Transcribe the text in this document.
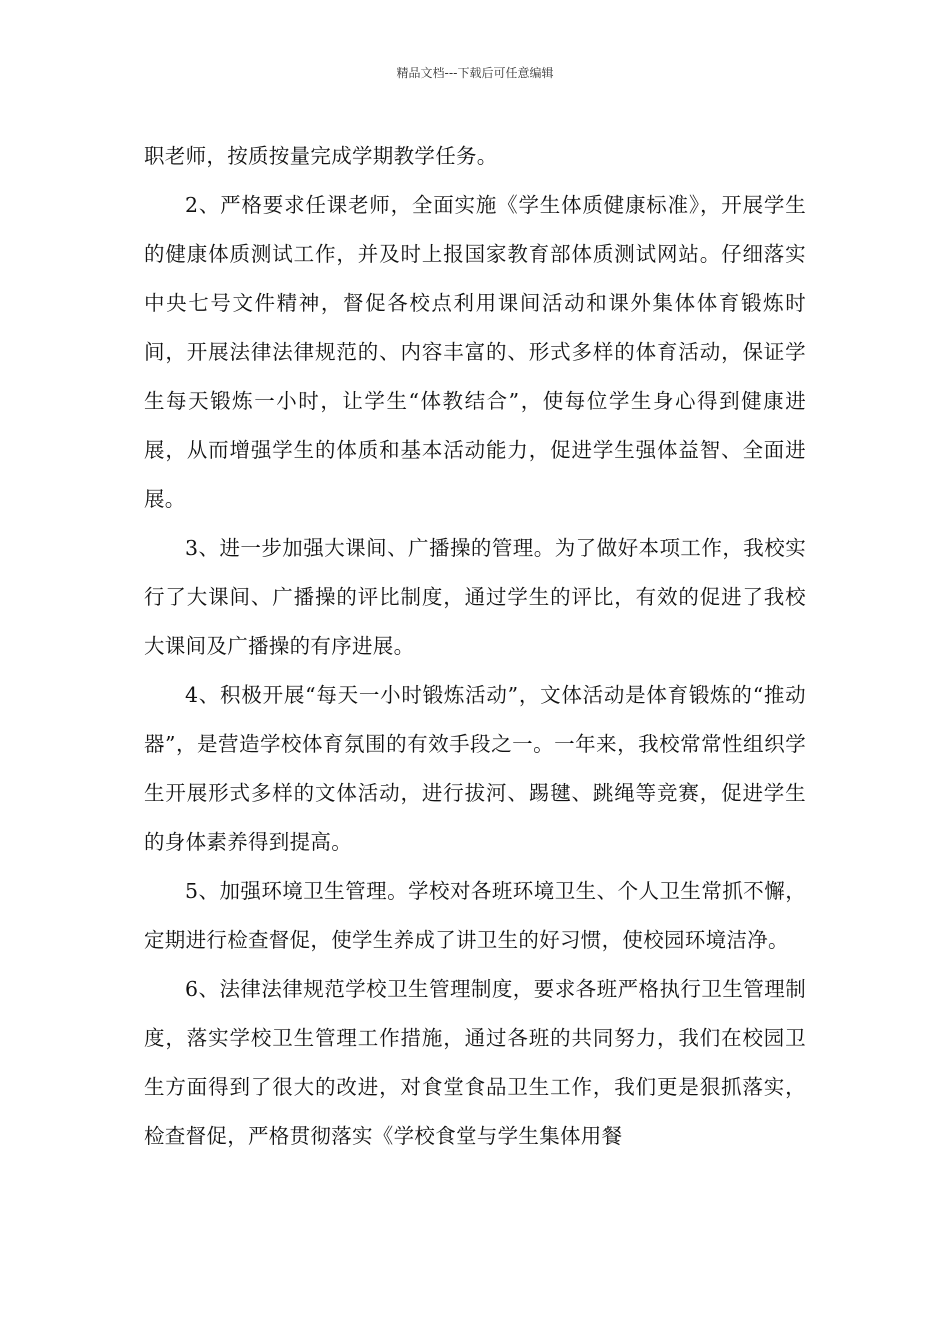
精品文档---下载后可任意编辑

职老师，按质按量完成学期教学任务。

2、严格要求任课老师，全面实施《学生体质健康标准》，开展学生的健康体质测试工作，并及时上报国家教育部体质测试网站。仔细落实中央七号文件精神，督促各校点利用课间活动和课外集体体育锻炼时间，开展法律法律规范的、内容丰富的、形式多样的体育活动，保证学生每天锻炼一小时，让学生“体教结合”，使每位学生身心得到健康进展，从而增强学生的体质和基本活动能力，促进学生强体益智、全面进展。

3、进一步加强大课间、广播操的管理。为了做好本项工作，我校实行了大课间、广播操的评比制度，通过学生的评比，有效的促进了我校大课间及广播操的有序进展。

4、积极开展“每天一小时锻炼活动”，文体活动是体育锻炼的“推动器”，是营造学校体育氛围的有效手段之一。一年来，我校常常性组织学生开展形式多样的文体活动，进行拔河、踢毽、跳绳等竞赛，促进学生的身体素养得到提高。

5、加强环境卫生管理。学校对各班环境卫生、个人卫生常抓不懈，定期进行检查督促，使学生养成了讲卫生的好习惯，使校园环境洁净。

6、法律法律规范学校卫生管理制度，要求各班严格执行卫生管理制度，落实学校卫生管理工作措施，通过各班的共同努力，我们在校园卫生方面得到了很大的改进，对食堂食品卫生工作，我们更是狠抓落实，检查督促，严格贯彻落实《学校食堂与学生集体用餐
